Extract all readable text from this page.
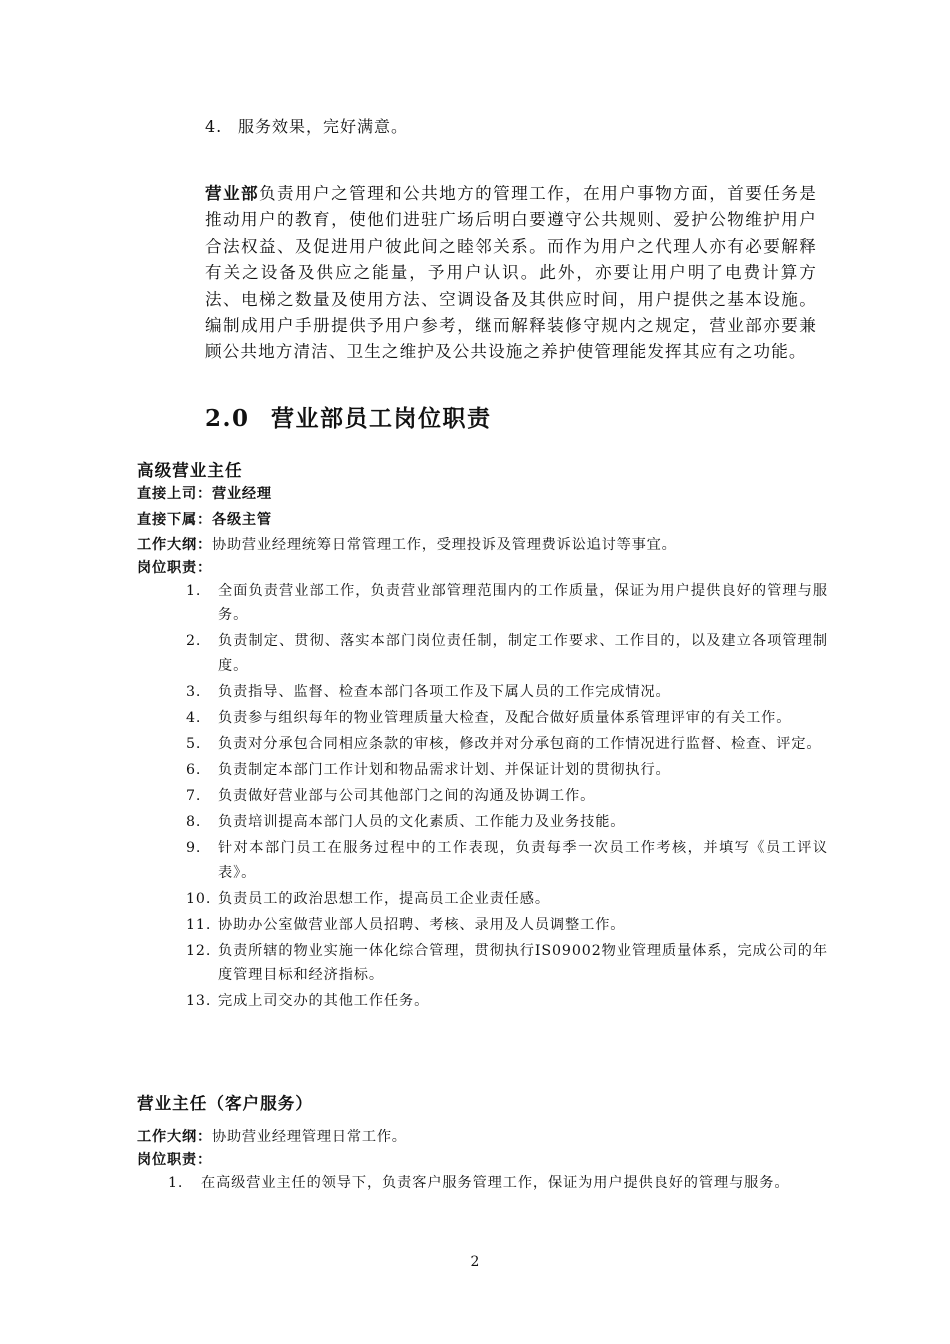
4. 服务效果，完好满意。
营业部负责用户之管理和公共地方的管理工作，在用户事物方面，首要任务是推动用户的教育，使他们进驻广场后明白要遵守公共规则、爱护公物维护用户合法权益、及促进用户彼此间之睦邻关系。而作为用户之代理人亦有必要解释有关之设备及供应之能量，予用户认识。此外，亦要让用户明了电费计算方法、电梯之数量及使用方法、空调设备及其供应时间，用户提供之基本设施。编制成用户手册提供予用户参考，继而解释装修守规内之规定，营业部亦要兼顾公共地方清洁、卫生之维护及公共设施之养护使管理能发挥其应有之功能。
2.0 营业部员工岗位职责
高级营业主任
直接上司：营业经理
直接下属：各级主管
工作大纲：协助营业经理统筹日常管理工作，受理投诉及管理费诉讼追讨等事宜。
岗位职责：
1.	全面负责营业部工作，负责营业部管理范围内的工作质量，保证为用户提供良好的管理与服务。
2.	负责制定、贯彻、落实本部门岗位责任制，制定工作要求、工作目的，以及建立各项管理制度。
3.	负责指导、监督、检查本部门各项工作及下属人员的工作完成情况。
4.	负责参与组织每年的物业管理质量大检查，及配合做好质量体系管理评审的有关工作。
5.	负责对分承包合同相应条款的审核，修改并对分承包商的工作情况进行监督、检查、评定。
6.	负责制定本部门工作计划和物品需求计划、并保证计划的贯彻执行。
7.	负责做好营业部与公司其他部门之间的沟通及协调工作。
8.	负责培训提高本部门人员的文化素质、工作能力及业务技能。
9.	针对本部门员工在服务过程中的工作表现，负责每季一次员工作考核，并填写《员工评议表》。
10. 负责员工的政治思想工作，提高员工企业责任感。
11. 协助办公室做营业部人员招聘、考核、录用及人员调整工作。
12. 负责所辖的物业实施一体化综合管理，贯彻执行IS09002物业管理质量体系，完成公司的年度管理目标和经济指标。
13. 完成上司交办的其他工作任务。
营业主任（客户服务）
工作大纲：协助营业经理管理日常工作。
岗位职责：
1.	在高级营业主任的领导下，负责客户服务管理工作，保证为用户提供良好的管理与服务。
2
